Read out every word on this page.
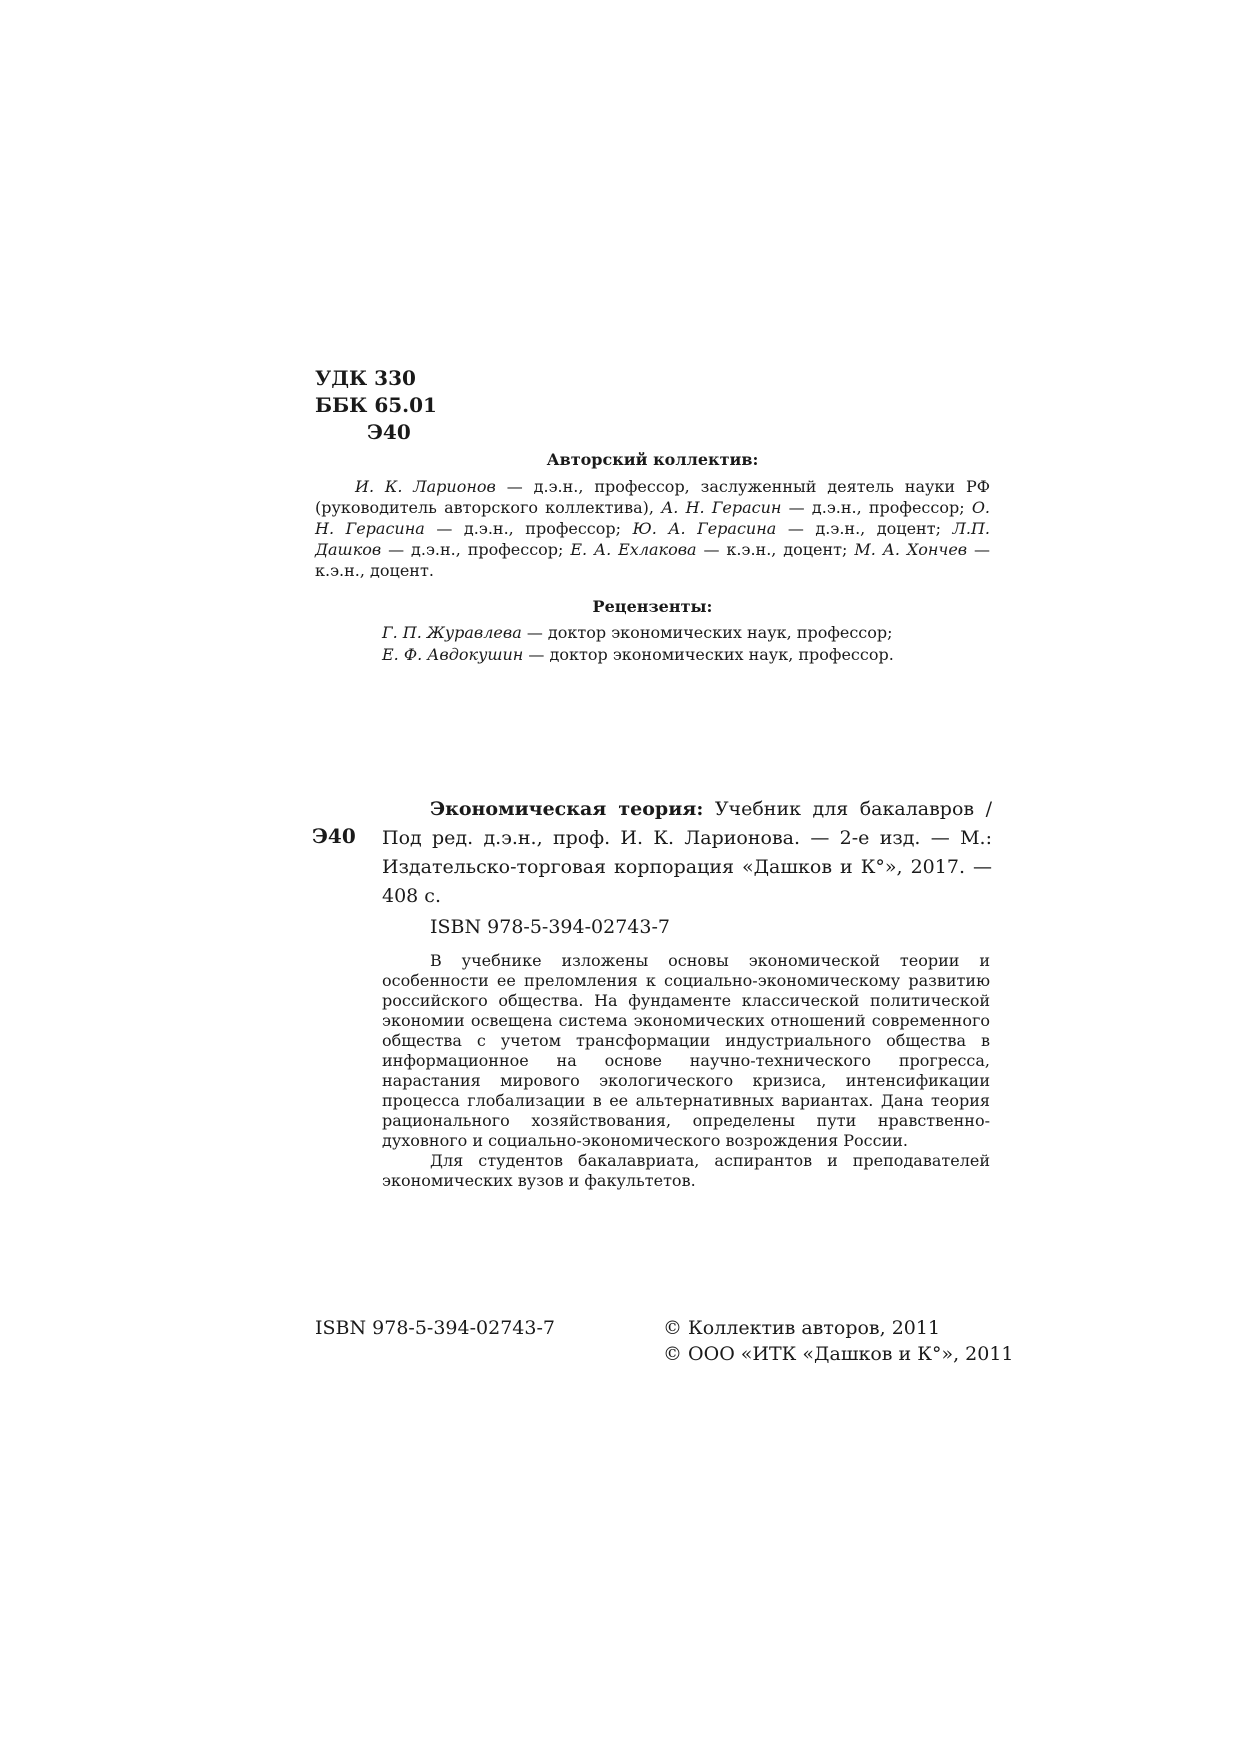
УДК 330
ББК 65.01
Э40
Авторский коллектив:

И. К. Ларионов — д.э.н., профессор, заслуженный деятель науки РФ (руководитель авторского коллектива), А. Н. Герасин — д.э.н., профессор; О. Н. Герасина — д.э.н., профессор; Ю. А. Герасина — д.э.н., доцент; Л.П. Дашков — д.э.н., профессор; Е. А. Ехлакова — к.э.н., доцент; М. А. Хончев — к.э.н., доцент.

Рецензенты:
Г. П. Журавлева — доктор экономических наук, профессор;
Е. Ф. Авдокушин — доктор экономических наук, профессор.
Э40

Экономическая теория: Учебник для бакалавров / Под ред. д.э.н., проф. И. К. Ларионова. — 2-е изд. — М.: Издательско-торговая корпорация «Дашков и К°», 2017. — 408 с.

ISBN 978-5-394-02743-7

В учебнике изложены основы экономической теории и особенности ее преломления к социально-экономическому развитию российского общества. На фундаменте классической политической экономии освещена система экономических отношений современного общества с учетом трансформации индустриального общества в информационное на основе научно-технического прогресса, нарастания мирового экологического кризиса, интенсификации процесса глобализации в ее альтернативных вариантах. Дана теория рационального хозяйствования, определены пути нравственно-духовного и социально-экономического возрождения России.

Для студентов бакалавриата, аспирантов и преподавателей экономических вузов и факультетов.

ISBN 978-5-394-02743-7	© Коллектив авторов, 2011
© ООО «ИТК «Дашков и К°», 2011
